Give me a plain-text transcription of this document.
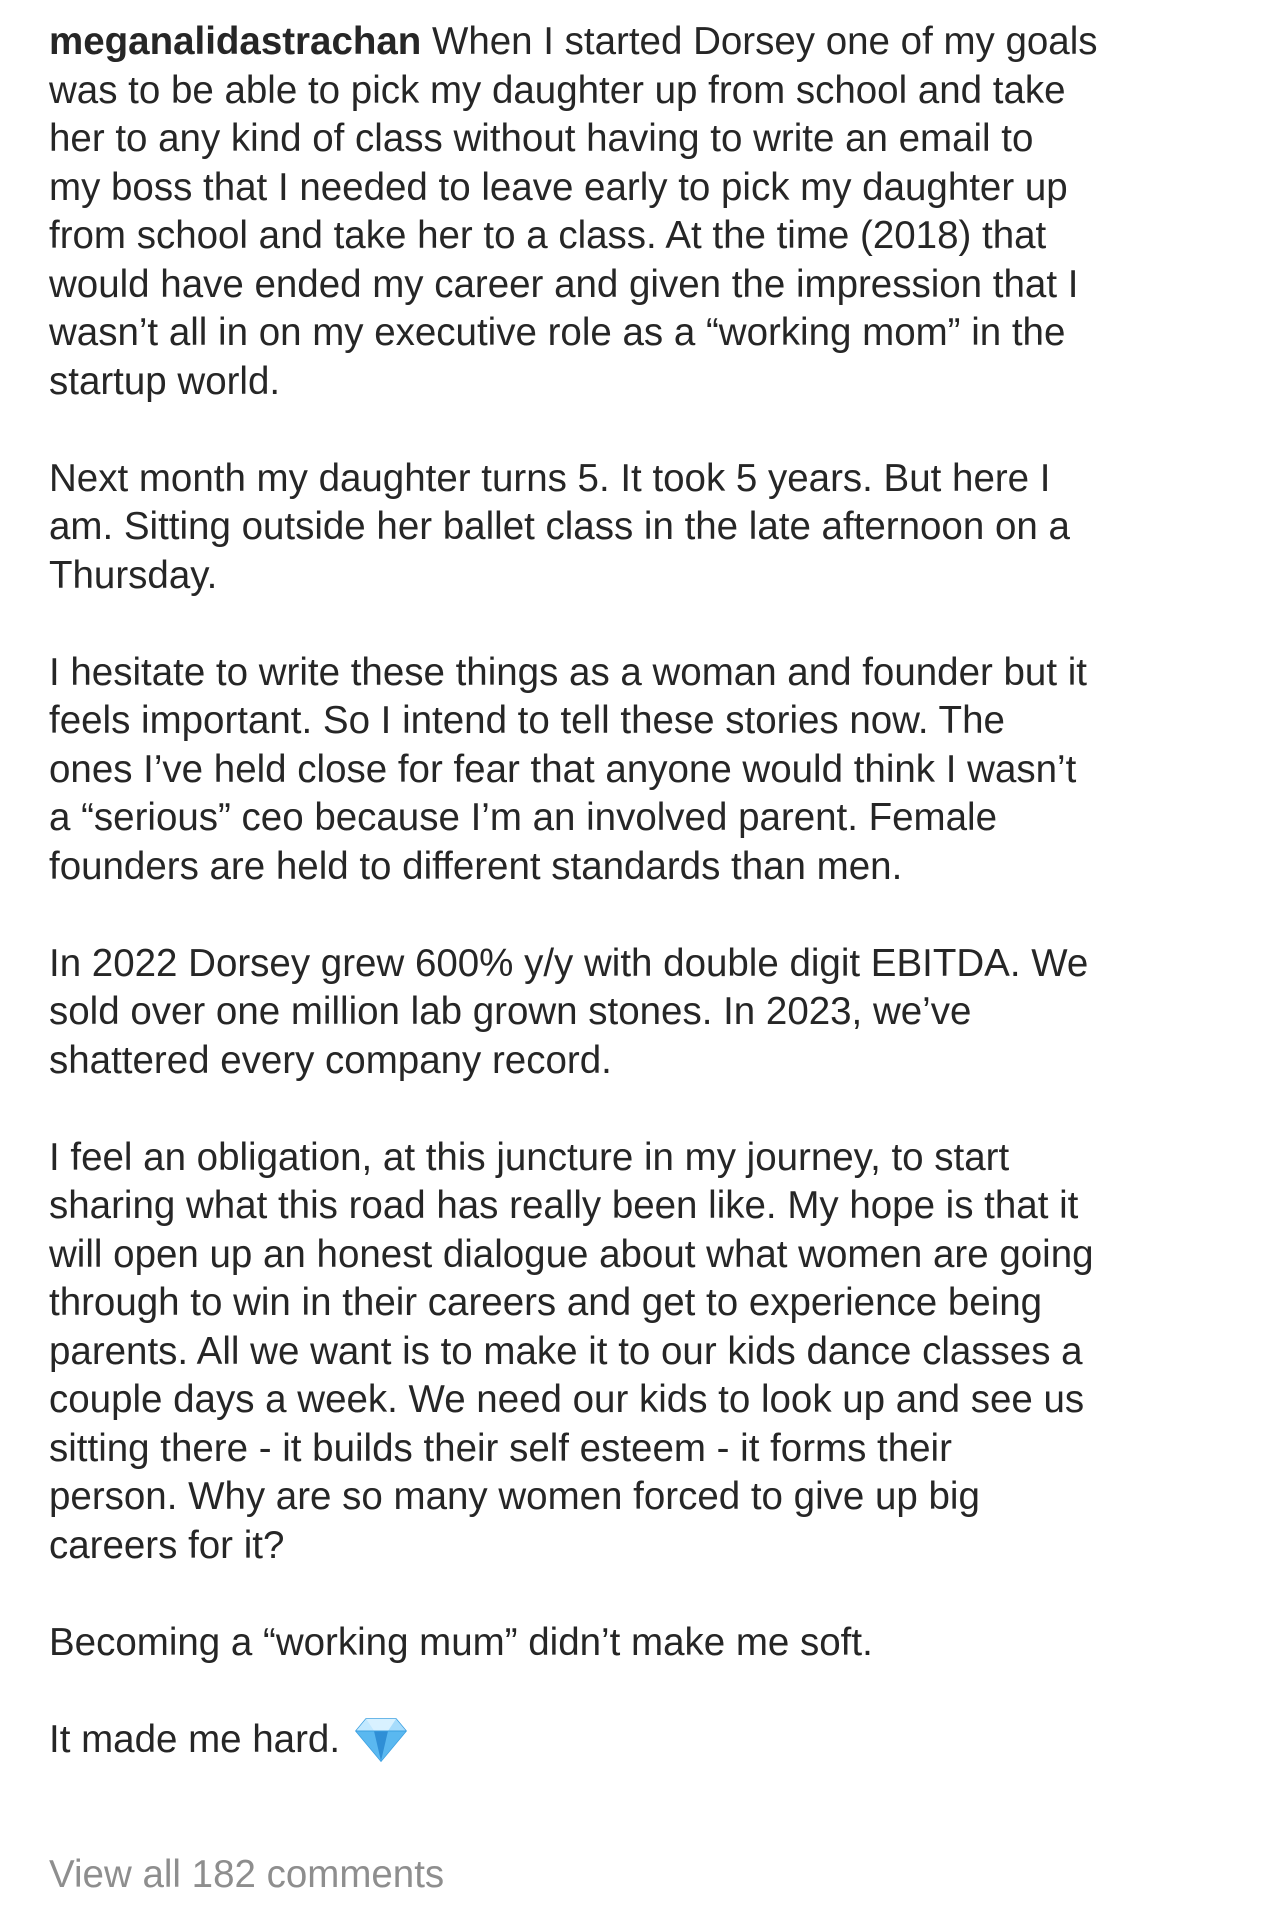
meganalidastrachan When I started Dorsey one of my goals
was to be able to pick my daughter up from school and take
her to any kind of class without having to write an email to
my boss that I needed to leave early to pick my daughter up
from school and take her to a class. At the time (2018) that
would have ended my career and given the impression that I
wasn’t all in on my executive role as a “working mom” in the
startup world.

Next month my daughter turns 5. It took 5 years. But here I
am. Sitting outside her ballet class in the late afternoon on a
Thursday.

I hesitate to write these things as a woman and founder but it
feels important. So I intend to tell these stories now. The
ones I’ve held close for fear that anyone would think I wasn’t
a “serious” ceo because I’m an involved parent. Female
founders are held to different standards than men.

In 2022 Dorsey grew 600% y/y with double digit EBITDA. We
sold over one million lab grown stones. In 2023, we’ve
shattered every company record.

I feel an obligation, at this juncture in my journey, to start
sharing what this road has really been like. My hope is that it
will open up an honest dialogue about what women are going
through to win in their careers and get to experience being
parents. All we want is to make it to our kids dance classes a
couple days a week. We need our kids to look up and see us
sitting there - it builds their self esteem - it forms their
person. Why are so many women forced to give up big
careers for it?

Becoming a “working mum” didn’t make me soft.

It made me hard.

View all 182 comments
